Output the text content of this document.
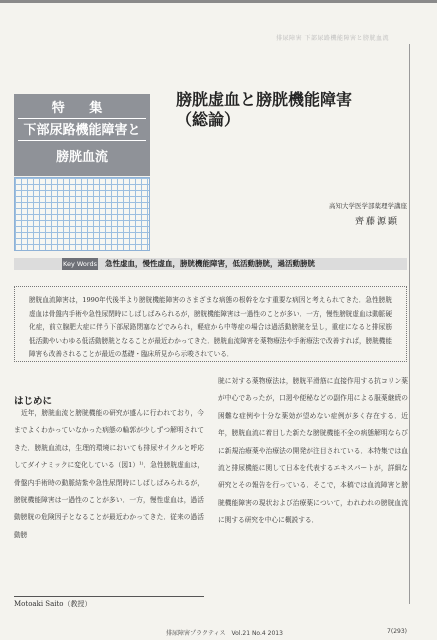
排尿障害 下部尿路機能障害と膀胱血流
特 集
下部尿路機能障害と
膀胱血流
膀胱虚血と膀胱機能障害
（総論）
高知大学医学部薬理学講座
齊藤源顕
Key Words 急性虚血，慢性虚血，膀胱機能障害，低活動膀胱，過活動膀胱
膀胱血流障害は，1990年代後半より膀胱機能障害のさまざまな病態の根幹をなす重要な病因と考えられてきた．急性膀胱虚血は骨盤内手術や急性尿閉時にしばしばみられるが，膀胱機能障害は一過性のことが多い．一方，慢性膀胱虚血は動脈硬化症，前立腺肥大症に伴う下部尿路閉塞などでみられ，軽症から中等症の場合は過活動膀胱を呈し，重症になると排尿筋低活動やいわゆる低活動膀胱となることが最近わかってきた．膀胱血流障害を薬物療法や手術療法で改善すれば，膀胱機能障害も改善されることが最近の基礎・臨床所見から示唆されている．
はじめに
近年，膀胱血流と膀胱機能の研究が盛んに行われており，今までよくわかっていなかった病態の輪郭が少しずつ解明されてきた．膀胱血流は，生理的環境においても排尿サイクルと呼応してダイナミックに変化している（図1）¹⁾．急性膀胱虚血は，骨盤内手術時の動脈結紮や急性尿閉時にしばしばみられるが，膀胱機能障害は一過性のことが多い．一方，慢性虚血は，過活動膀胱の危険因子となることが最近わかってきた．従来の過活動膀
胱に対する薬物療法は，膀胱平滑筋に直接作用する抗コリン薬が中心であったが，口渇や便秘などの副作用による服薬継続の困難な症例や十分な薬効が望めない症例が多く存在する．近年，膀胱血流に着目した新たな膀胱機能不全の病態解明ならびに新規治療薬や治療法の開発が注目されている．本特集では血流と排尿機能に関して日本を代表するエキスパートが，詳細な研究とその報告を行っている．そこで，本稿では血流障害と膀胱機能障害の現状および治療薬について，われわれの膀胱血流に関する研究を中心に概説する．
Motoaki Saito（教授）
排尿障害プラクティス　Vol.21 No.4 2013	7(293)
